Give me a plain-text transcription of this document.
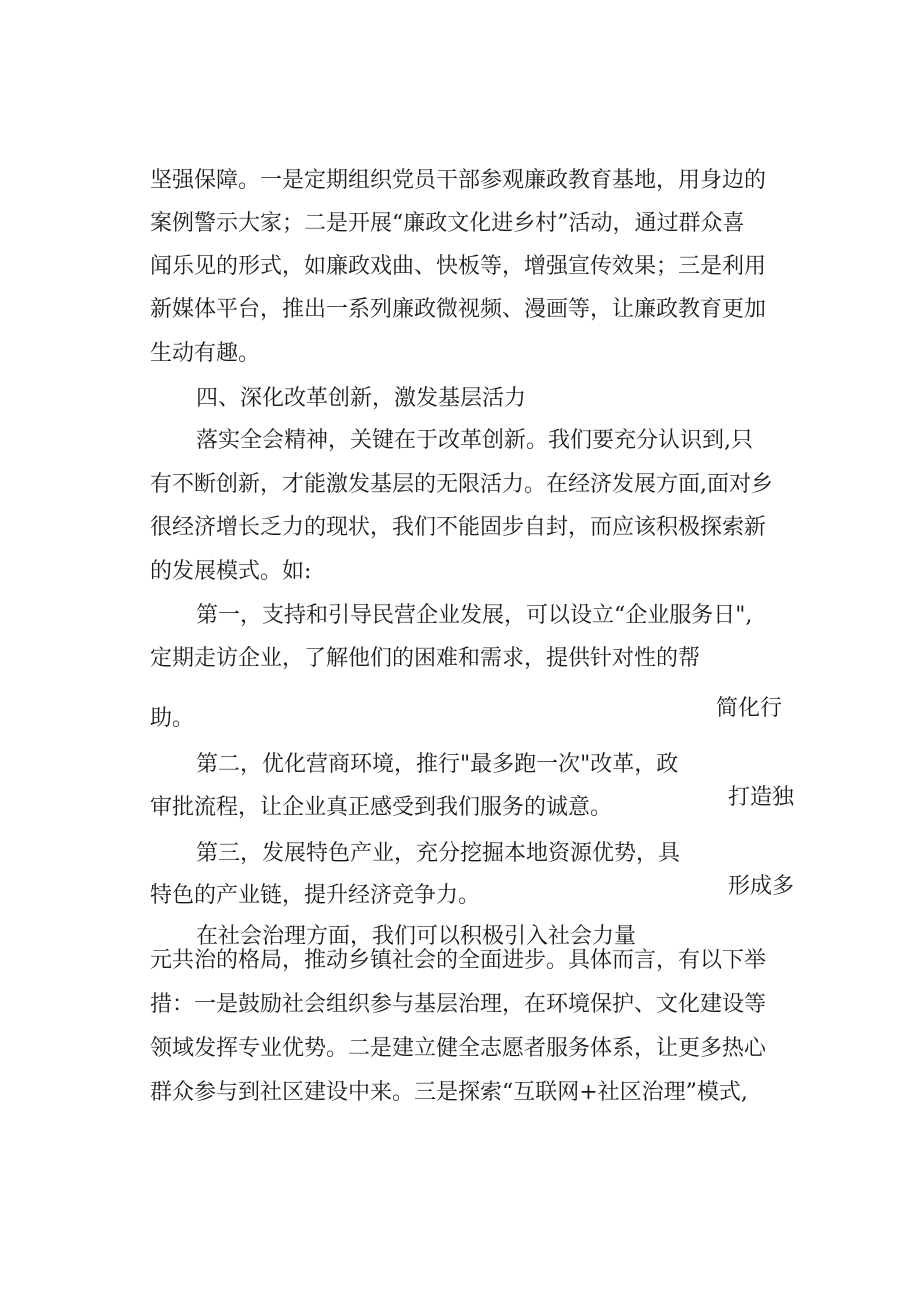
坚强保障。一是定期组织党员干部参观廉政教育基地，用身边的
案例警示大家；二是开展“廉政文化进乡村”活动，通过群众喜
闻乐见的形式，如廉政戏曲、快板等，增强宣传效果；三是利用
新媒体平台，推出一系列廉政微视频、漫画等，让廉政教育更加
生动有趣。
四、深化改革创新，激发基层活力
落实全会精神，关键在于改革创新。我们要充分认识到,只
有不断创新，才能激发基层的无限活力。在经济发展方面,面对乡
很经济增长乏力的现状，我们不能固步自封，而应该积极探索新
的发展模式。如:
第一，支持和引导民营企业发展，可以设立“企业服务日",
定期走访企业，了解他们的困难和需求，提供针对性的帮
助。	简化行
第二，优化营商环境，推行"最多跑一次"改革，政
审批流程，让企业真正感受到我们服务的诚意。	打造独
第三，发展特色产业，充分挖掘本地资源优势，具
特色的产业链，提升经济竞争力。	形成多
在社会治理方面，我们可以积极引入社会力量
元共治的格局，推动乡镇社会的全面进步。具体而言，有以下举
措：一是鼓励社会组织参与基层治理，在环境保护、文化建设等
领域发挥专业优势。二是建立健全志愿者服务体系，让更多热心
群众参与到社区建设中来。三是探索“互联网+社区治理”模式,
